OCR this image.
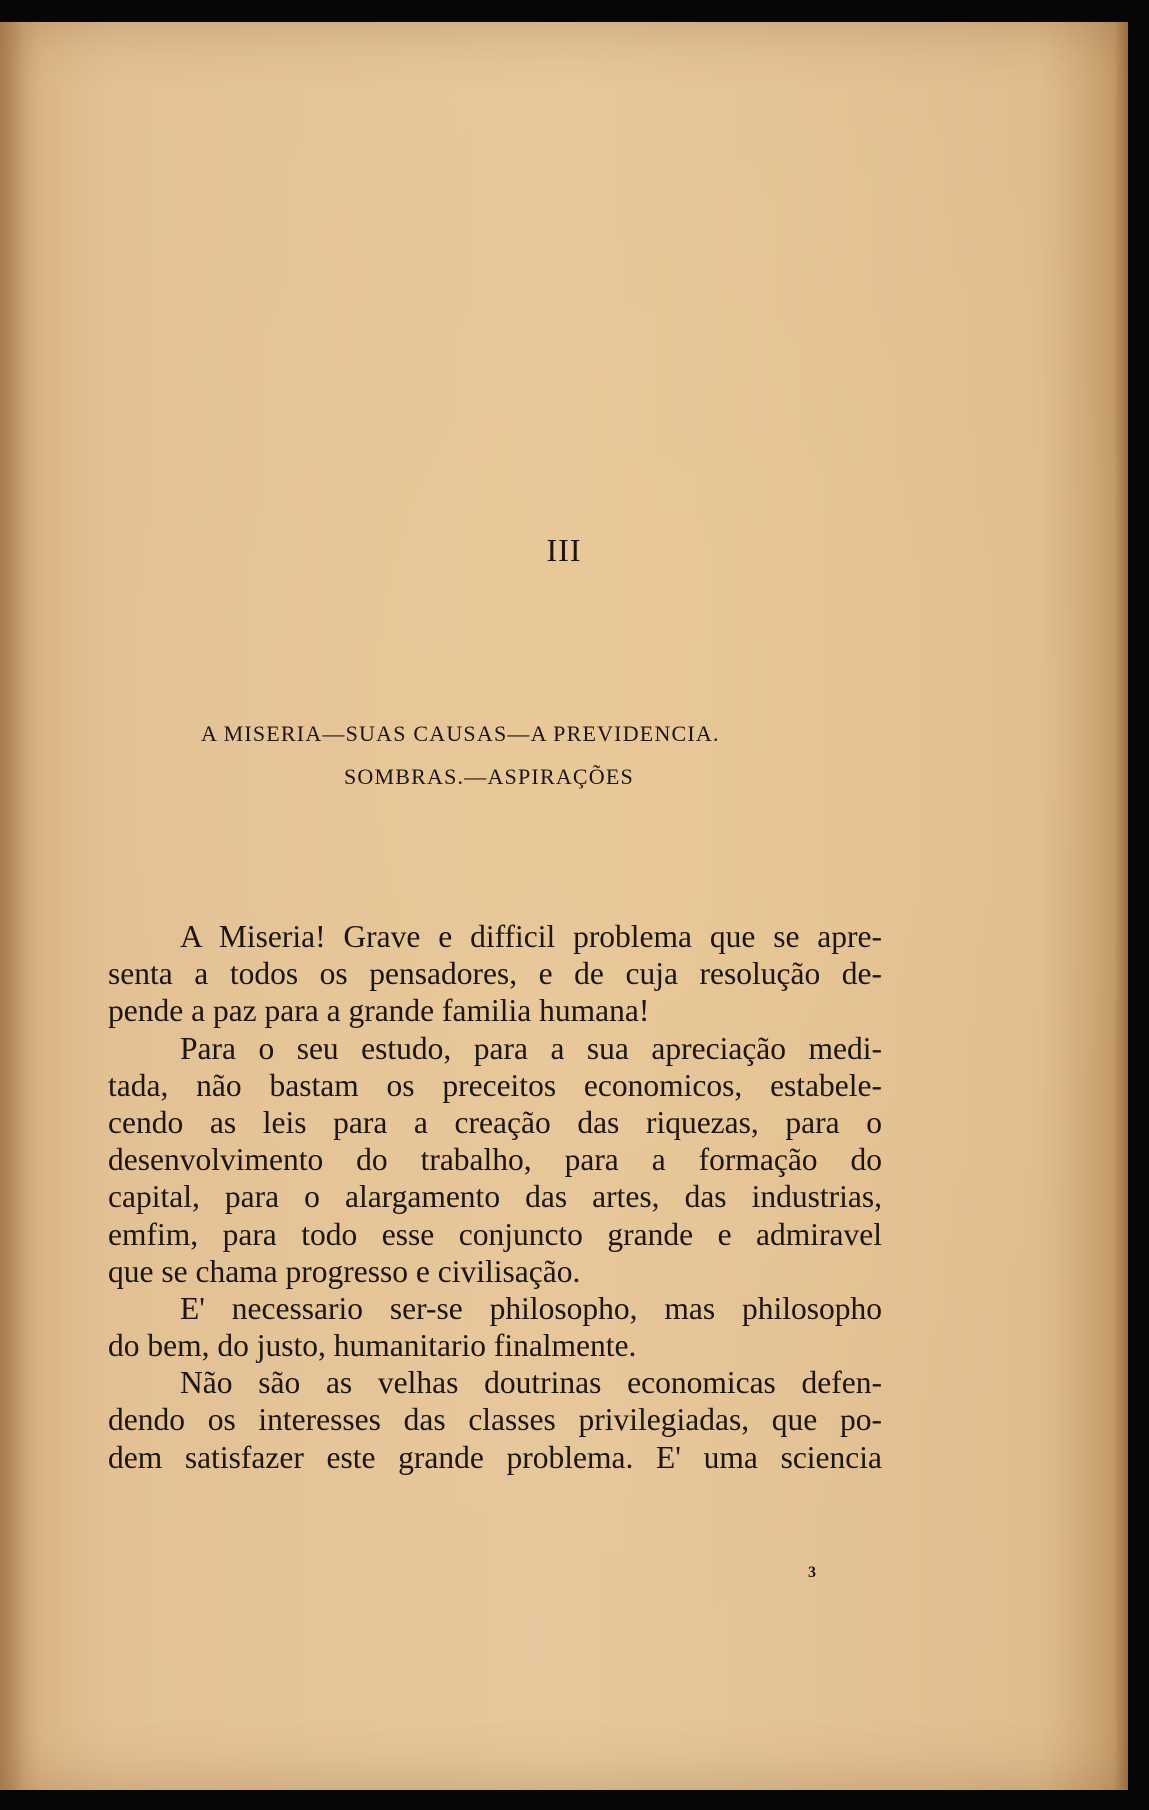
III
A MISERIA—SUAS CAUSAS—A PREVIDENCIA.
SOMBRAS.—ASPIRAÇÕES
A Miseria! Grave e difficil problema que se apre-
senta a todos os pensadores, e de cuja resolução de-
pende a paz para a grande familia humana!
Para o seu estudo, para a sua apreciação medi-
tada, não bastam os preceitos economicos, estabele-
cendo as leis para a creação das riquezas, para o
desenvolvimento do trabalho, para a formação do
capital, para o alargamento das artes, das industrias,
emfim, para todo esse conjuncto grande e admiravel
que se chama progresso e civilisação.
E' necessario ser-se philosopho, mas philosopho
do bem, do justo, humanitario finalmente.
Não são as velhas doutrinas economicas defen-
dendo os interesses das classes privilegiadas, que po-
dem satisfazer este grande problema. E' uma sciencia
3
